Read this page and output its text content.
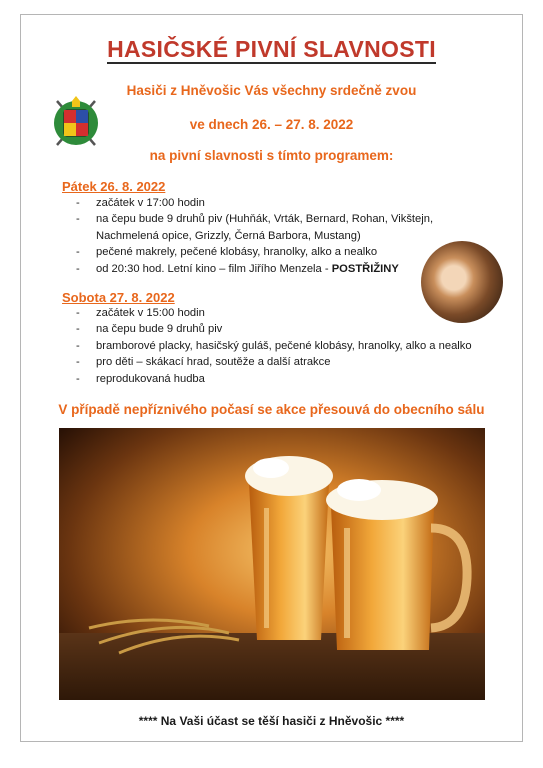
HASIČSKÉ PIVNÍ SLAVNOSTI
Hasiči z Hněvošic Vás všechny srdečně zvou
ve dnech 26. – 27. 8. 2022
na pivní slavnosti s tímto programem:
Pátek 26. 8. 2022
- začátek v 17:00 hodin
- na čepu bude 9 druhů piv (Huhňák, Vrták, Bernard, Rohan, Vikštejn,
Nachmelená opice, Grizzly, Černá Barbora, Mustang)
- pečené makrely, pečené klobásy, hranolky, alko a nealko
- od 20:30 hod. Letní kino – film Jiřího Menzela - POSTŘIŽINY
Sobota 27. 8. 2022
- začátek v 15:00 hodin
- na čepu bude 9 druhů piv
- bramborové placky, hasičský guláš, pečené klobásy, hranolky, alko a nealko
- pro děti – skákací hrad, soutěže a další atrakce
- reprodukovaná hudba
V případě nepříznivého počasí se akce přesouvá do obecního sálu
**** Na Vaši účast se těší hasiči z Hněvošic ****
